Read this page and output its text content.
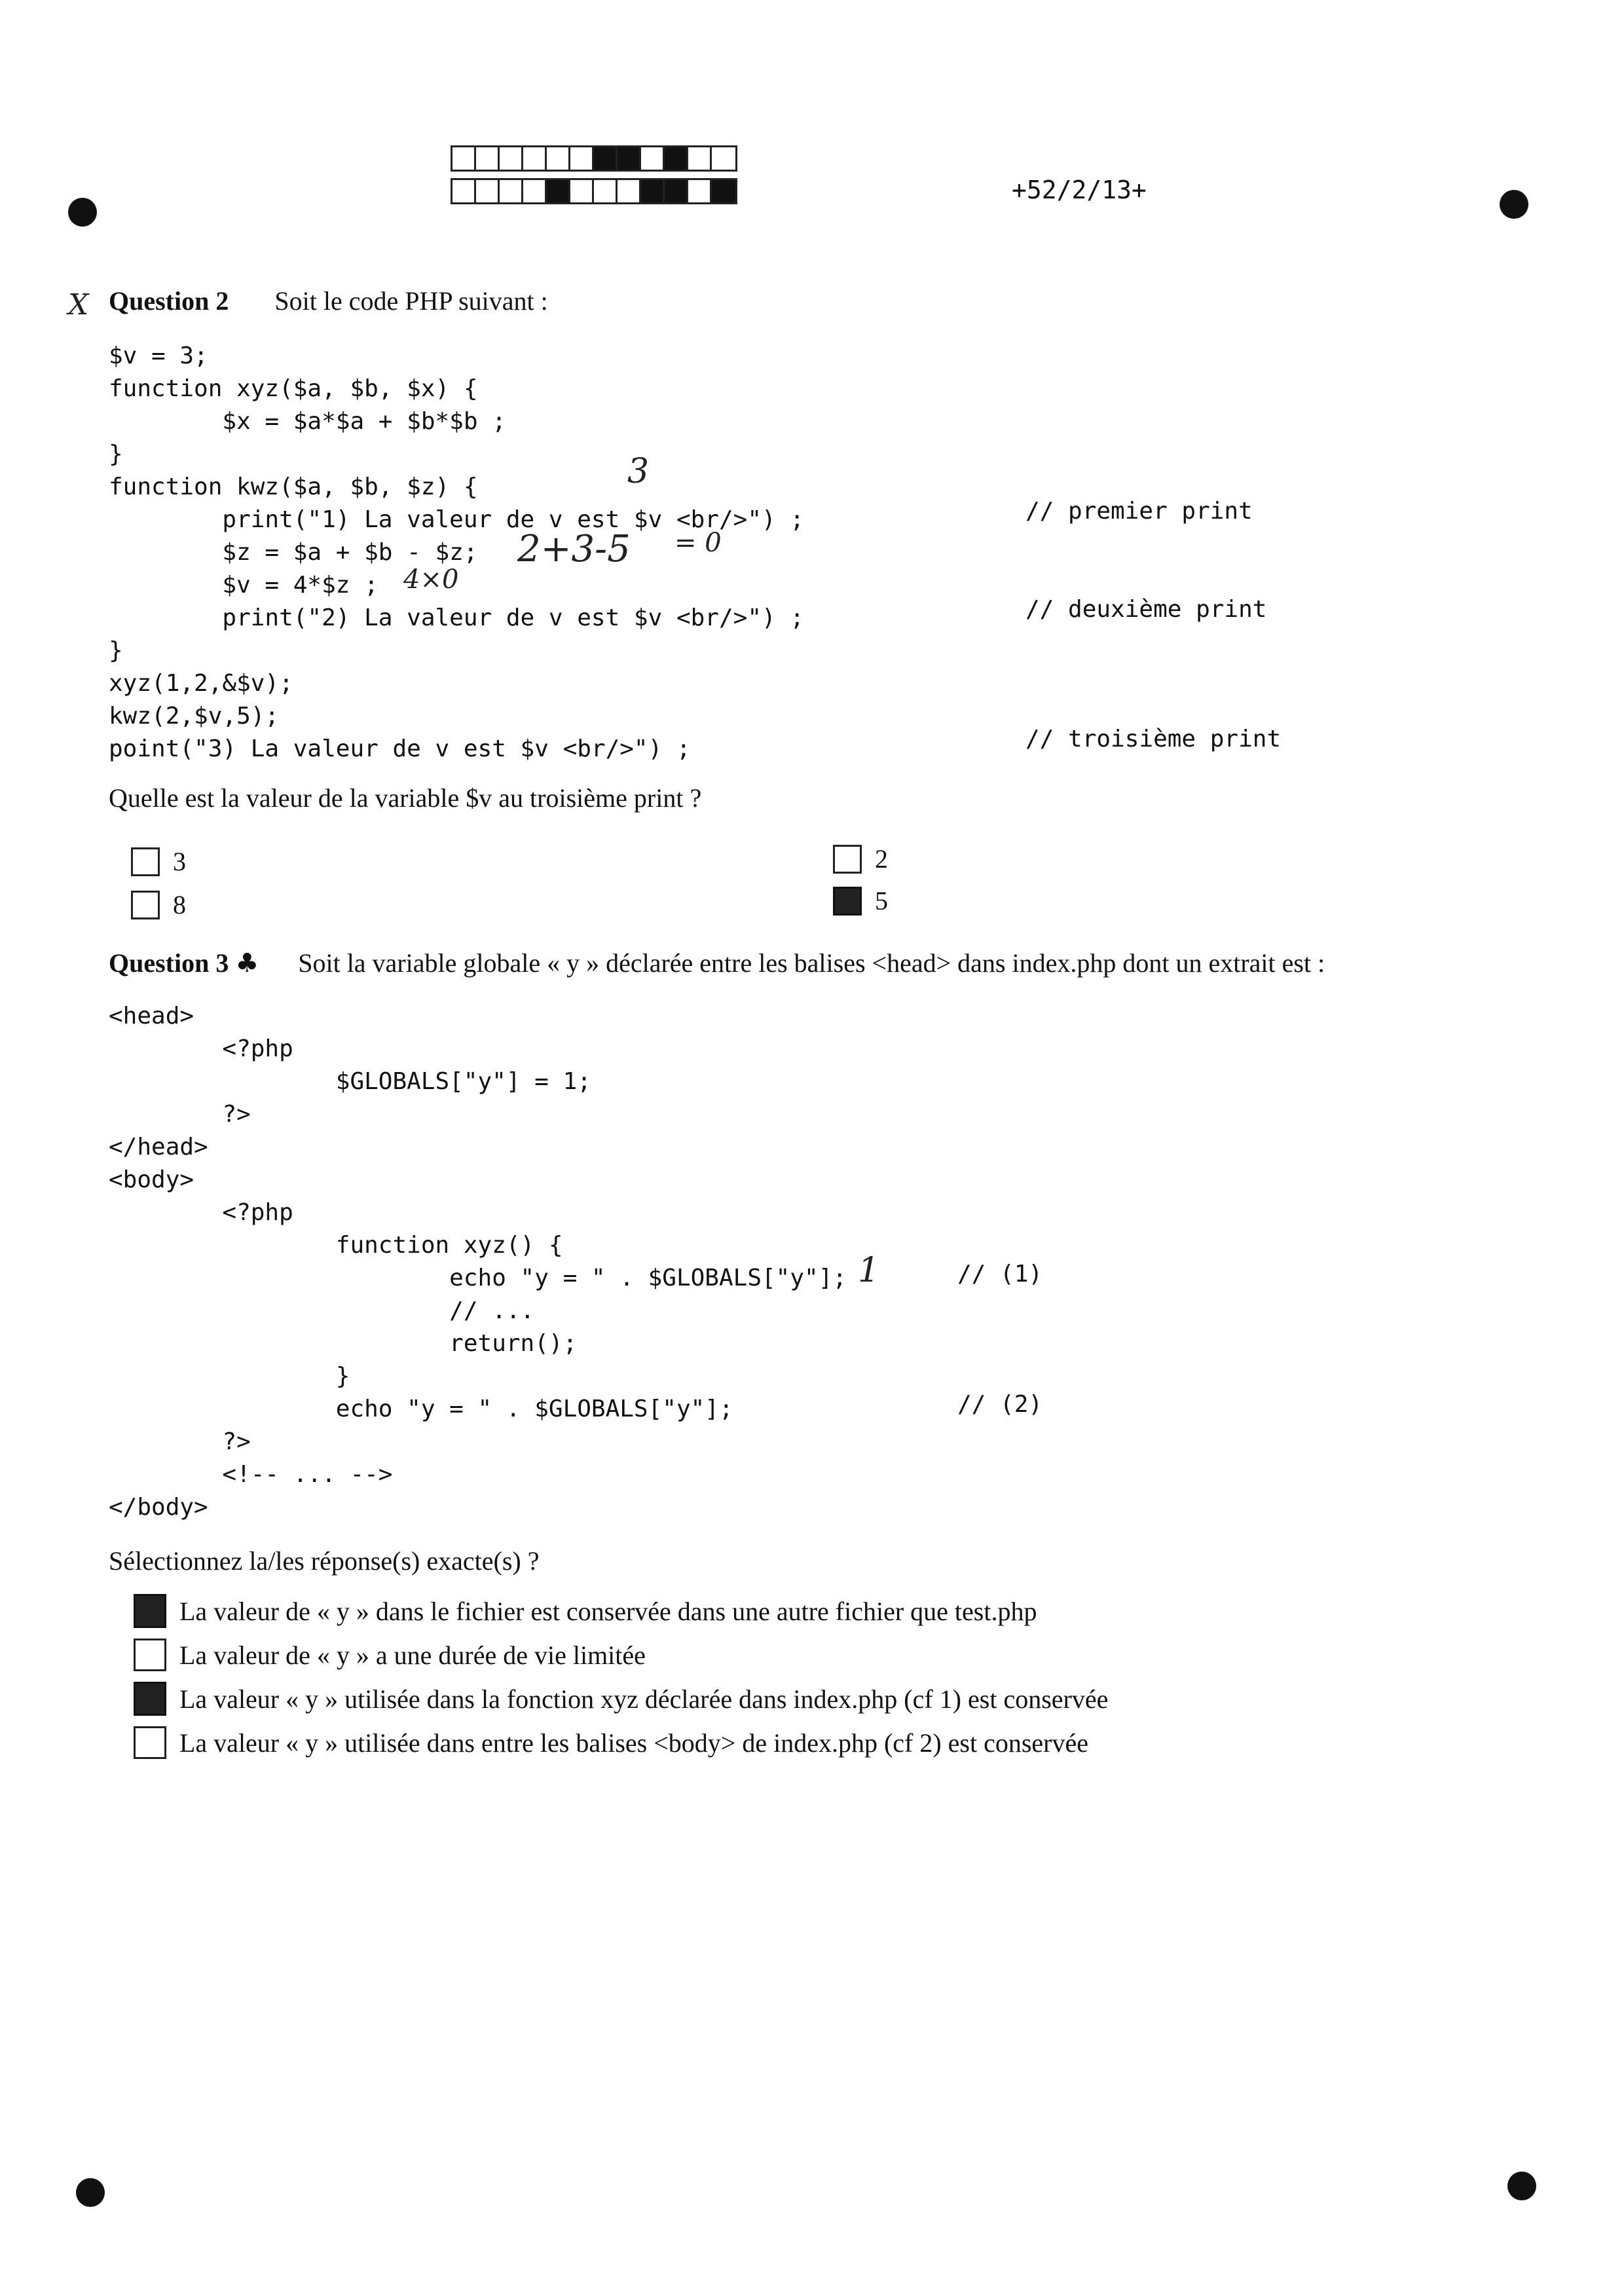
+52/2/13+
X Question 2 Soit le code PHP suivant :
$v = 3;
function xyz($a, $b, $x) {
$x = $a*$a + $b*$b ;
}
function kwz($a, $b, $z) {
print("1) La valeur de v est $v <br/>") ;
$z = $a + $b - $z;
$v = 4*$z ;
print("2) La valeur de v est $v <br/>") ;
}
xyz(1,2,&$v);
kwz(2,$v,5);
point("3) La valeur de v est $v <br/>") ;
// premier print
// deuxième print
// troisième print
3
2+3-5 = 0
4×0
Quelle est la valeur de la variable $v au troisième print ?
3	2
8	5
Question 3 ♣ Soit la variable globale « y » déclarée entre les balises <head> dans index.php dont un extrait est :
<head>
<?php
$GLOBALS["y"] = 1;
?>
</head>
<body>
<?php
function xyz() {
echo "y = " . $GLOBALS["y"];
// ...
return();
}
echo "y = " . $GLOBALS["y"];
?>
<!-- ... -->
</body>
// (1)
// (2)
1
Sélectionnez la/les réponse(s) exacte(s) ?
La valeur de « y » dans le fichier est conservée dans une autre fichier que test.php
La valeur de « y » a une durée de vie limitée
La valeur « y » utilisée dans la fonction xyz déclarée dans index.php (cf 1) est conservée
La valeur « y » utilisée dans entre les balises <body> de index.php (cf 2) est conservée
